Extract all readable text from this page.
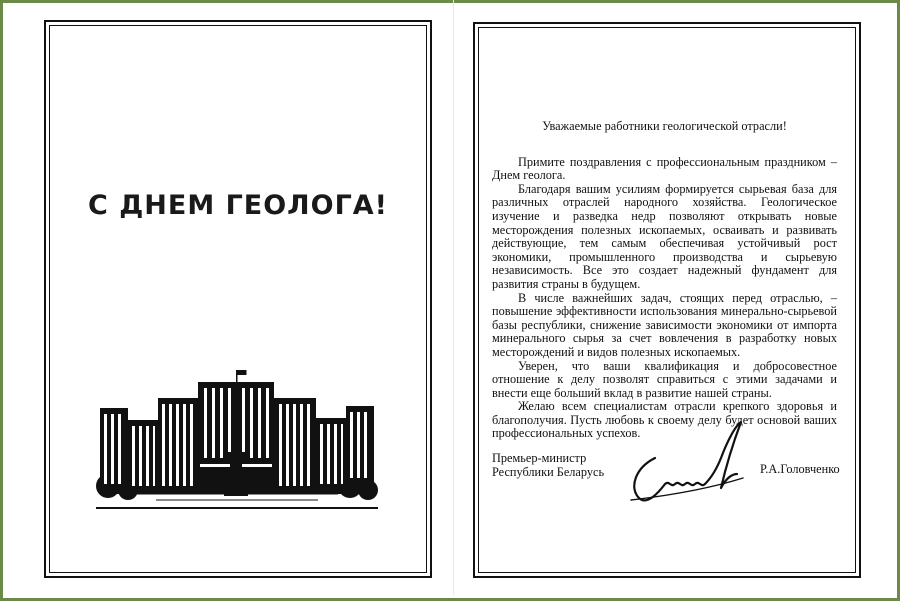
С ДНЕМ ГЕОЛОГА!
Уважаемые работники геологической отрасли!

Примите поздравления с профессиональным праздником – Днем геолога.

Благодаря вашим усилиям формируется сырьевая база для различных отраслей народного хозяйства. Геологическое изучение и разведка недр позволяют открывать новые месторождения полезных ископаемых, осваивать и развивать действующие, тем самым обеспечивая устойчивый рост экономики, промышленного производства и сырьевую независимость. Все это создает надежный фундамент для развития страны в будущем.

В числе важнейших задач, стоящих перед отраслью, – повышение эффективности использования минерально-сырьевой базы республики, снижение зависимости экономики от импорта минерального сырья за счет вовлечения в разработку новых месторождений и видов полезных ископаемых.

Уверен, что ваши квалификация и добросовестное отношение к делу позволят справиться с этими задачами и внести еще больший вклад в развитие нашей страны.

Желаю всем специалистам отрасли крепкого здоровья и благополучия. Пусть любовь к своему делу будет основой ваших профессиональных успехов.

Премьер-министр
Республики Беларусь	Р.А.Головченко
